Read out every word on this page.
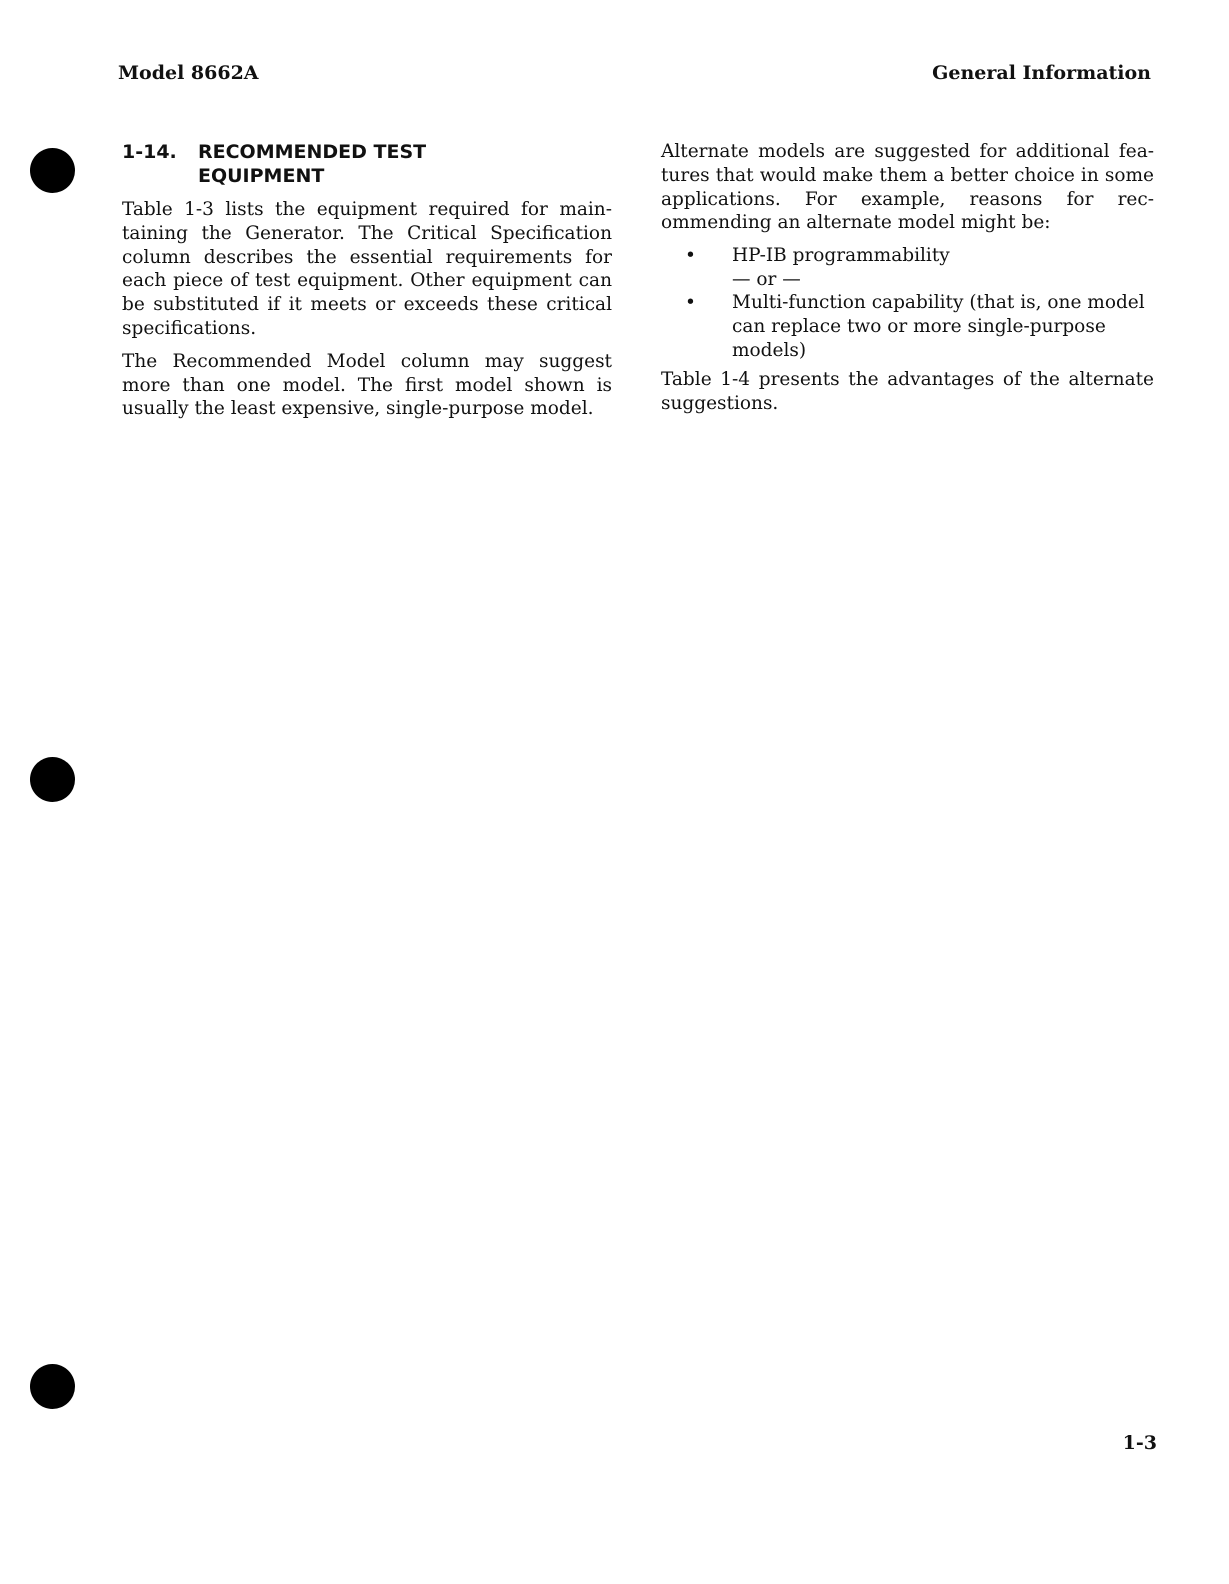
Model 8662A	General Information
1-14.	RECOMMENDED TEST
EQUIPMENT

Table 1-3 lists the equipment required for maintaining the Generator. The Critical Specification column describes the essential requirements for each piece of test equipment. Other equipment can be substituted if it meets or exceeds these critical specifications.

The Recommended Model column may suggest more than one model. The first model shown is usually the least expensive, single-purpose model.

Alternate models are suggested for additional features that would make them a better choice in some applications. For example, reasons for recommending an alternate model might be:

• HP-IB programmability
— or —
• Multi-function capability (that is, one model can replace two or more single-purpose models)

Table 1-4 presents the advantages of the alternate suggestions.

1-3
